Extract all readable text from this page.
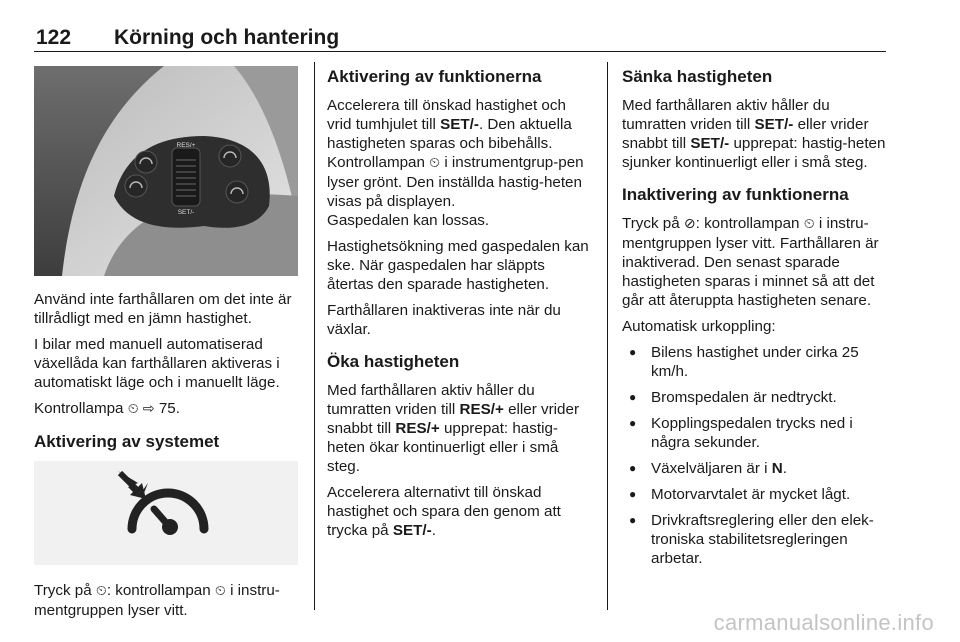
122 Körning och hantering
RES/+
SET/-

Använd inte farthållaren om det inte är tillrådligt med en jämn hastighet.

I bilar med manuell automatiserad växellåda kan farthållaren aktiveras i automatiskt läge och i manuellt läge.

Kontrollampa ⏲ ⇨ 75.

Aktivering av systemet

Tryck på ⏲: kontrollampan ⏲ i instru-mentgruppen lyser vitt.

Aktivering av funktionerna

Accelerera till önskad hastighet och vrid tumhjulet till SET/-. Den aktuella hastigheten sparas och bibehålls. Kontrollampan ⏲ i instrumentgrup-pen lyser grönt. Den inställda hastig-heten visas på displayen.
Gaspedalen kan lossas.

Hastighetsökning med gaspedalen kan ske. När gaspedalen har släppts återtas den sparade hastigheten.

Farthållaren inaktiveras inte när du växlar.

Öka hastigheten

Med farthållaren aktiv håller du tumratten vriden till RES/+ eller vrider snabbt till RES/+ upprepat: hastig-heten ökar kontinuerligt eller i små steg.

Accelerera alternativt till önskad hastighet och spara den genom att trycka på SET/-.

Sänka hastigheten

Med farthållaren aktiv håller du tumratten vriden till SET/- eller vrider snabbt till SET/- upprepat: hastig-heten sjunker kontinuerligt eller i små steg.

Inaktivering av funktionerna

Tryck på ⊘: kontrollampan ⏲ i instru-mentgruppen lyser vitt. Farthållaren är inaktiverad. Den senast sparade hastigheten sparas i minnet så att det går att återuppta hastigheten senare.

Automatisk urkoppling:

● Bilens hastighet under cirka 25 km/h.
● Bromspedalen är nedtryckt.
● Kopplingspedalen trycks ned i några sekunder.
● Växelväljaren är i N.
● Motorvarvtalet är mycket lågt.
● Drivkraftsreglering eller den elek-troniska stabilitetsregleringen arbetar.
carmanualsonline.info
